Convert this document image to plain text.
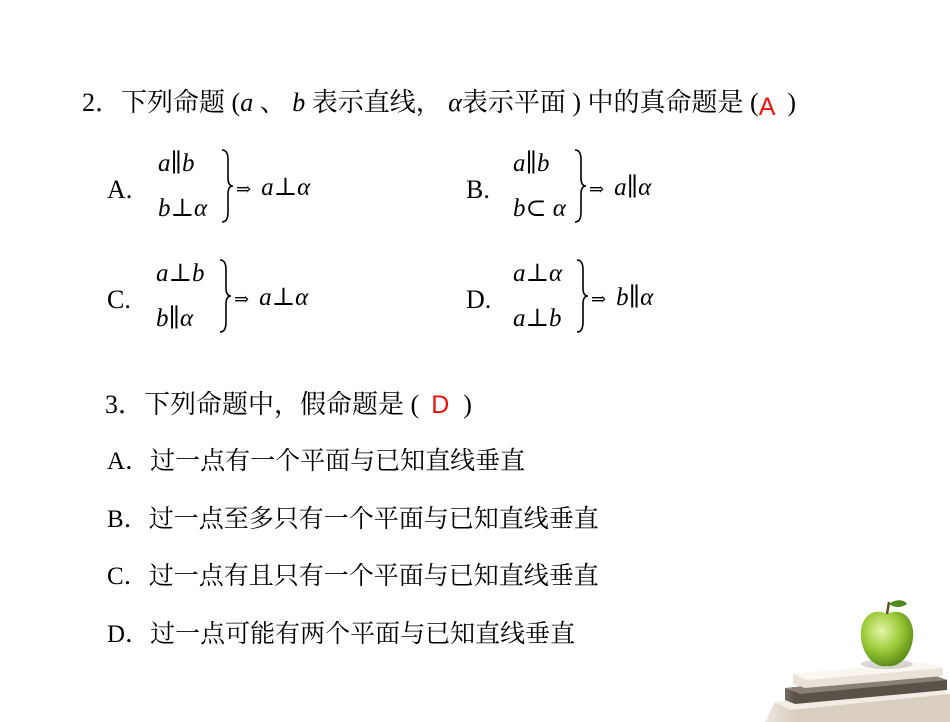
2．下列命题 (a 、 b 表示直线， α表示平面 ) 中的真命题是 (A )
A.
a∥b
b⊥α
⇒ a⊥α	B.
a∥b
b⊂ α
⇒ a∥α
C.
a⊥b
b∥α
⇒ a⊥α	D.
a⊥α
a⊥b
⇒ b∥α
3．下列命题中，假命题是 ( D )
A．过一点有一个平面与已知直线垂直
B．过一点至多只有一个平面与已知直线垂直
C．过一点有且只有一个平面与已知直线垂直
D．过一点可能有两个平面与已知直线垂直
